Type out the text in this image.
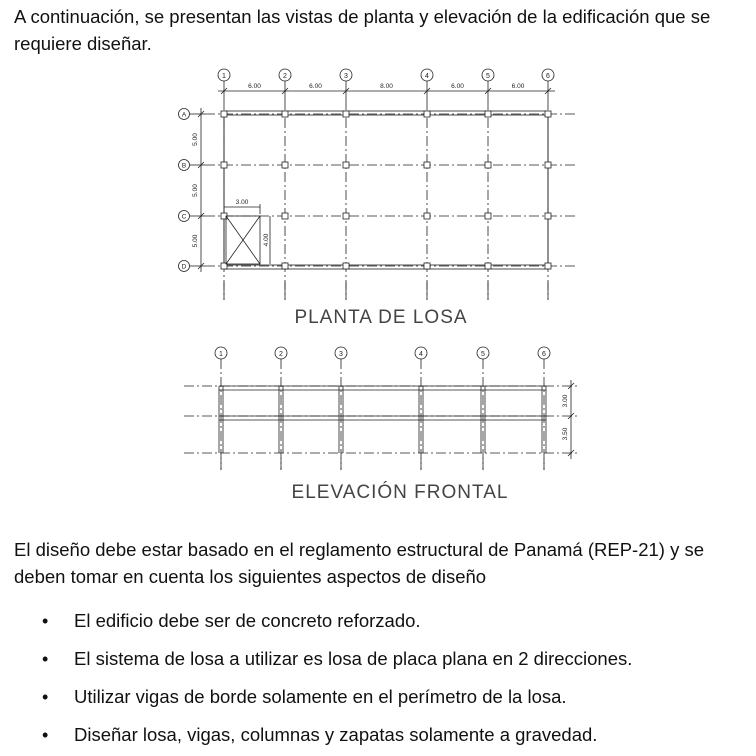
A continuación, se presentan las vistas de planta y elevación de la edificación que se requiere diseñar.

1	2	3	4	5	6
6.00	6.00	8.00	6.00	6.00
A
B
C
D
5.00
5.00
5.00
3.00
4.00
PLANTA DE LOSA
1	2	3	4	5	6
3.00
3.50
ELEVACIÓN FRONTAL

El diseño debe estar basado en el reglamento estructural de Panamá (REP-21) y se deben tomar en cuenta los siguientes aspectos de diseño

• El edificio debe ser de concreto reforzado.
• El sistema de losa a utilizar es losa de placa plana en 2 direcciones.
• Utilizar vigas de borde solamente en el perímetro de la losa.
• Diseñar losa, vigas, columnas y zapatas solamente a gravedad.
